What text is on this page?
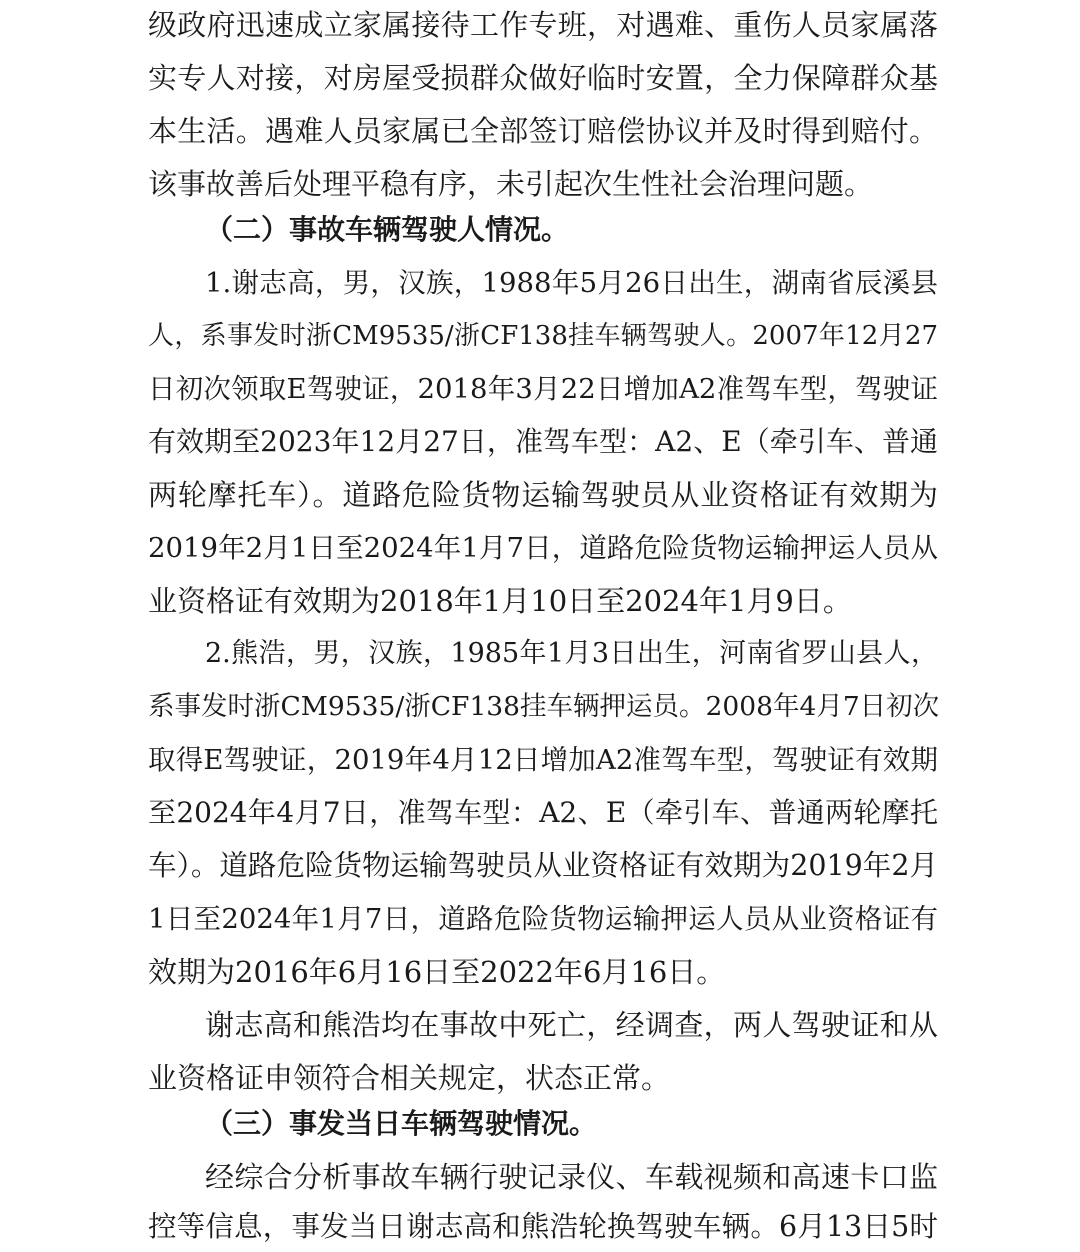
级政府迅速成立家属接待工作专班，对遇难、重伤人员家属落
实专人对接，对房屋受损群众做好临时安置，全力保障群众基
本生活。遇难人员家属已全部签订赔偿协议并及时得到赔付。
该事故善后处理平稳有序，未引起次生性社会治理问题。
（二）事故车辆驾驶人情况。
1.谢志高，男，汉族，1988年5月26日出生，湖南省辰溪县
人，系事发时浙CM9535/浙CF138挂车辆驾驶人。2007年12月27
日初次领取E驾驶证，2018年3月22日增加A2准驾车型，驾驶证
有效期至2023年12月27日，准驾车型：A2、E（牵引车、普通
两轮摩托车）。道路危险货物运输驾驶员从业资格证有效期为
2019年2月1日至2024年1月7日，道路危险货物运输押运人员从
业资格证有效期为2018年1月10日至2024年1月9日。
2.熊浩，男，汉族，1985年1月3日出生，河南省罗山县人，
系事发时浙CM9535/浙CF138挂车辆押运员。2008年4月7日初次
取得E驾驶证，2019年4月12日增加A2准驾车型，驾驶证有效期
至2024年4月7日，准驾车型：A2、E（牵引车、普通两轮摩托
车）。道路危险货物运输驾驶员从业资格证有效期为2019年2月
1日至2024年1月7日，道路危险货物运输押运人员从业资格证有
效期为2016年6月16日至2022年6月16日。
谢志高和熊浩均在事故中死亡，经调查，两人驾驶证和从
业资格证申领符合相关规定，状态正常。
（三）事发当日车辆驾驶情况。
经综合分析事故车辆行驶记录仪、车载视频和高速卡口监
控等信息，事发当日谢志高和熊浩轮换驾驶车辆。6月13日5时
